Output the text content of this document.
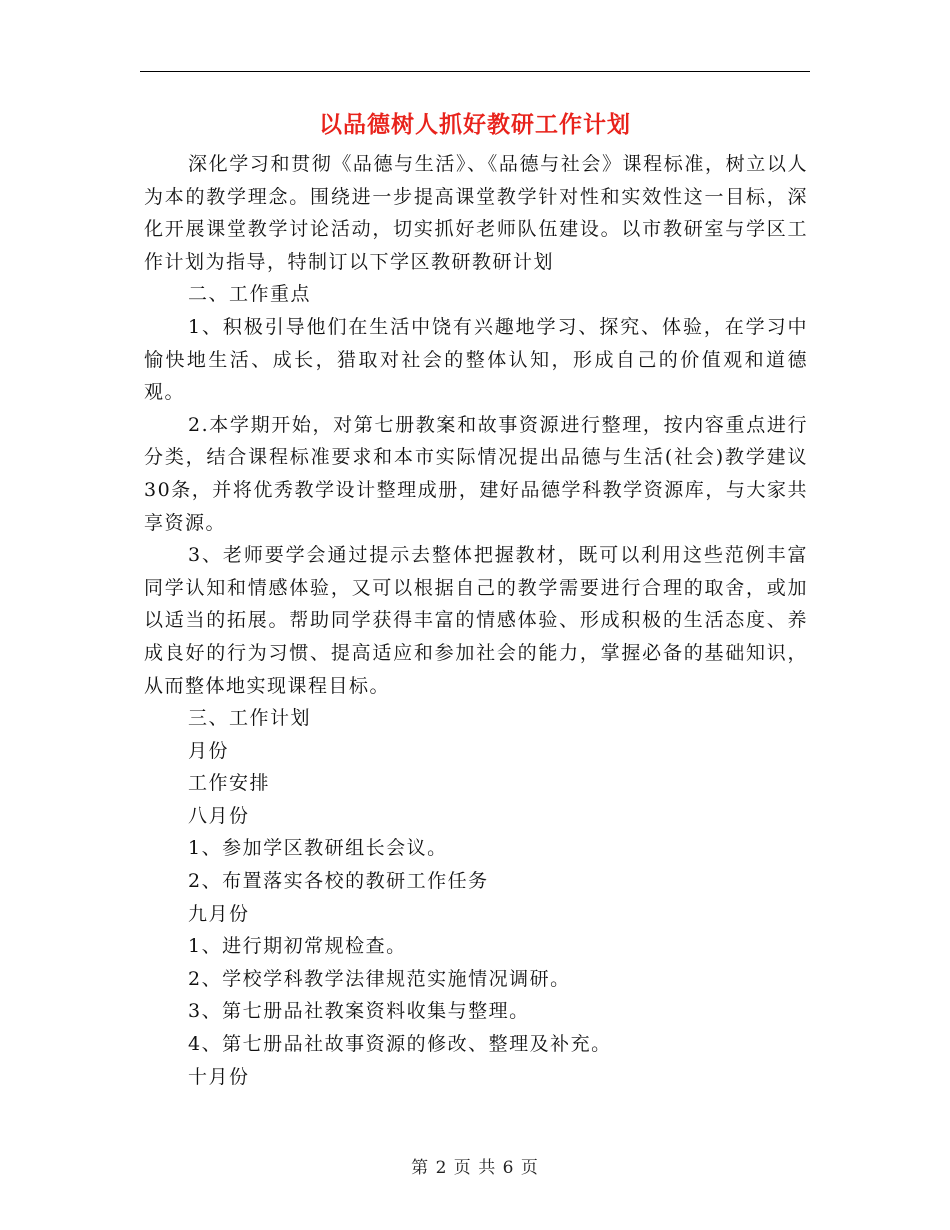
以品德树人抓好教研工作计划

深化学习和贯彻《品德与生活》、《品德与社会》课程标准，树立以人为本的教学理念。围绕进一步提高课堂教学针对性和实效性这一目标，深化开展课堂教学讨论活动，切实抓好老师队伍建设。以市教研室与学区工作计划为指导，特制订以下学区教研教研计划

二、工作重点

1、积极引导他们在生活中饶有兴趣地学习、探究、体验，在学习中愉快地生活、成长，猎取对社会的整体认知，形成自己的价值观和道德观。

2.本学期开始，对第七册教案和故事资源进行整理，按内容重点进行分类，结合课程标准要求和本市实际情况提出品德与生活(社会)教学建议30条，并将优秀教学设计整理成册，建好品德学科教学资源库，与大家共享资源。

3、老师要学会通过提示去整体把握教材，既可以利用这些范例丰富同学认知和情感体验，又可以根据自己的教学需要进行合理的取舍，或加以适当的拓展。帮助同学获得丰富的情感体验、形成积极的生活态度、养成良好的行为习惯、提高适应和参加社会的能力，掌握必备的基础知识，从而整体地实现课程目标。

三、工作计划

月份

工作安排

八月份

1、参加学区教研组长会议。

2、布置落实各校的教研工作任务

九月份

1、进行期初常规检查。

2、学校学科教学法律规范实施情况调研。

3、第七册品社教案资料收集与整理。

4、第七册品社故事资源的修改、整理及补充。

十月份

第 2 页 共 6 页
